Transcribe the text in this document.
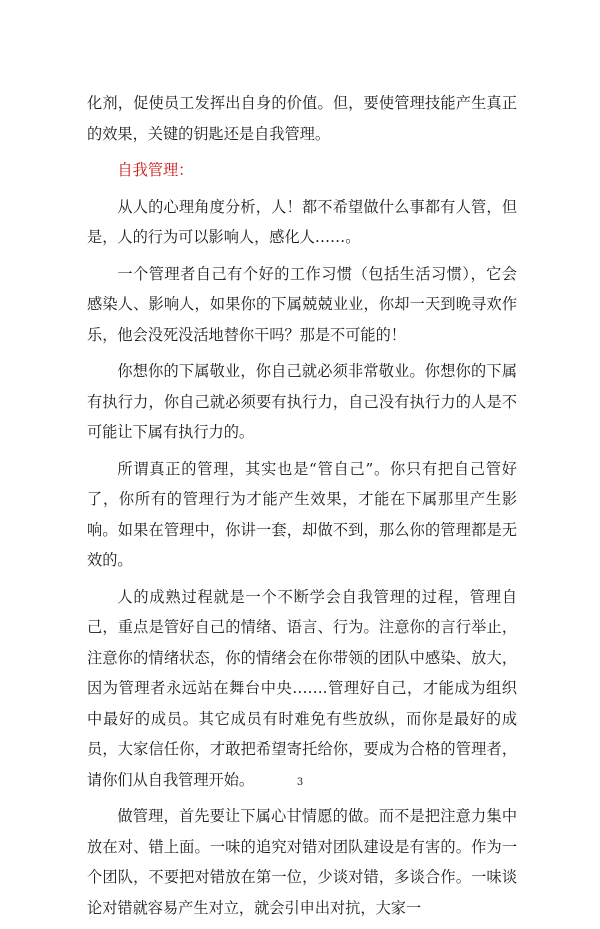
化剂，促使员工发挥出自身的价值。但，要使管理技能产生真正的效果，关键的钥匙还是自我管理。

自我管理：

从人的心理角度分析，人！都不希望做什么事都有人管，但是，人的行为可以影响人，感化人……。

一个管理者自己有个好的工作习惯（包括生活习惯），它会感染人、影响人，如果你的下属兢兢业业，你却一天到晚寻欢作乐，他会没死没活地替你干吗？那是不可能的！

你想你的下属敬业，你自己就必须非常敬业。你想你的下属有执行力，你自己就必须要有执行力，自己没有执行力的人是不可能让下属有执行力的。

所谓真正的管理，其实也是“管自己”。你只有把自己管好了，你所有的管理行为才能产生效果，才能在下属那里产生影响。如果在管理中，你讲一套，却做不到，那么你的管理都是无效的。

人的成熟过程就是一个不断学会自我管理的过程，管理自己，重点是管好自己的情绪、语言、行为。注意你的言行举止，注意你的情绪状态，你的情绪会在你带领的团队中感染、放大，因为管理者永远站在舞台中央…….管理好自己，才能成为组织中最好的成员。其它成员有时难免有些放纵，而你是最好的成员，大家信任你，才敢把希望寄托给你，要成为合格的管理者，请你们从自我管理开始。

做管理，首先要让下属心甘情愿的做。而不是把注意力集中放在对、错上面。一味的追究对错对团队建设是有害的。作为一个团队，不要把对错放在第一位，少谈对错，多谈合作。一味谈论对错就容易产生对立，就会引申出对抗，大家一

3
